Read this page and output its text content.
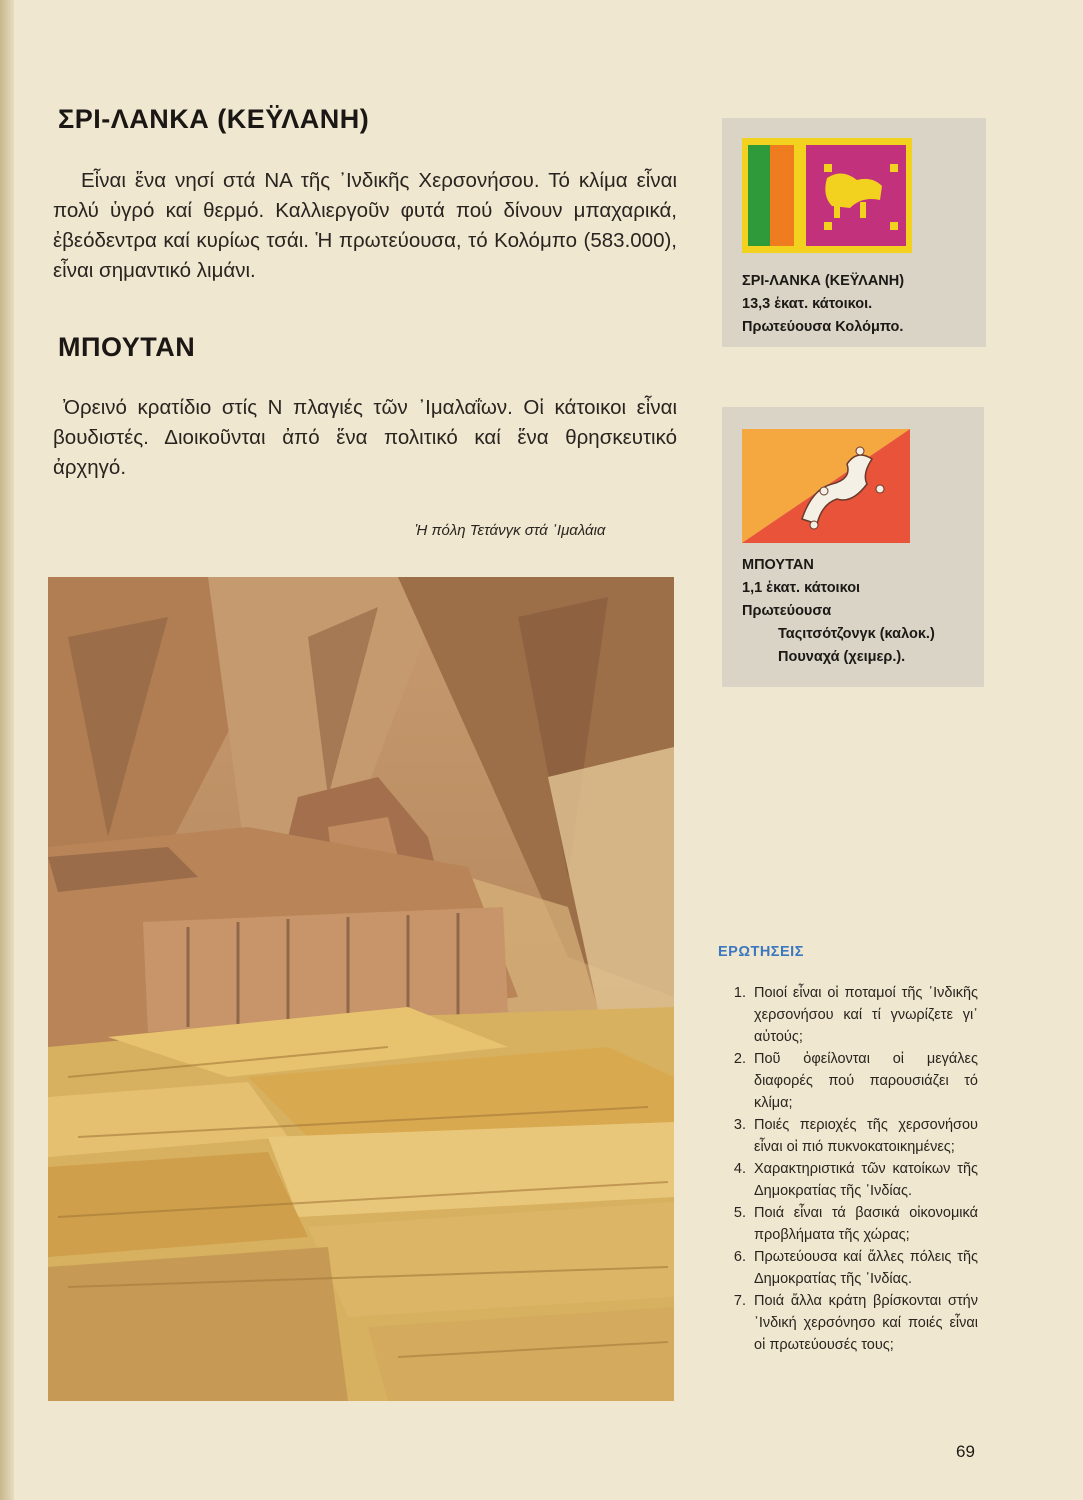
ΣΡΙ-ΛΑΝΚΑ (ΚΕΫΛΑΝΗ)

Εἶναι ἕνα νησί στά ΝΑ τῆς ᾿Ινδικῆς Χερσονήσου. Τό κλίμα εἶναι πολύ ὑγρό καί θερμό. Καλλιεργοῦν φυτά πού δίνουν μπαχαρικά, ἐβεόδεντρα καί κυρίως τσάι. Ἡ πρωτεύουσα, τό Κολόμπο (583.000), εἶναι σημαντικό λιμάνι.

ΜΠΟΥΤΑΝ

Ὀρεινό κρατίδιο στίς Ν πλαγιές τῶν ᾿Ιμαλαΐων. Οἱ κάτοικοι εἶναι βουδιστές. Διοικοῦνται ἀπό ἕνα πολιτικό καί ἕνα θρησκευτικό ἀρχηγό.

Ἡ πόλη Τετάνγκ στά ᾿Ιμαλάια
ΣΡΙ-ΛΑΝΚΑ (ΚΕΫΛΑΝΗ)
13,3 ἑκατ. κάτοικοι.
Πρωτεύουσα Κολόμπο.
ΜΠΟΥΤΑΝ
1,1 ἑκατ. κάτοικοι
Πρωτεύουσα
Ταςιτσότζονγκ (καλοκ.)
Πουναχά (χειμερ.).
ΕΡΩΤΗΣΕΙΣ
1. Ποιοί εἶναι οἱ ποταμοί τῆς ᾿Ινδικῆς χερσονήσου καί τί γνωρίζετε γι᾿ αὐτούς;
2. Ποῦ ὀφείλονται οἱ μεγάλες διαφορές πού παρουσιάζει τό κλίμα;
3. Ποιές περιοχές τῆς χερσονήσου εἶναι οἱ πιό πυκνοκατοικημένες;
4. Χαρακτηριστικά τῶν κατοίκων τῆς Δημοκρατίας τῆς ᾿Ινδίας.
5. Ποιά εἶναι τά βασικά οἰκονομικά προβλήματα τῆς χώρας;
6. Πρωτεύουσα καί ἄλλες πόλεις τῆς Δημοκρατίας τῆς ᾿Ινδίας.
7. Ποιά ἄλλα κράτη βρίσκονται στήν ᾿Ινδική χερσόνησο καί ποιές εἶναι οἱ πρωτεύουσές τους;
69
